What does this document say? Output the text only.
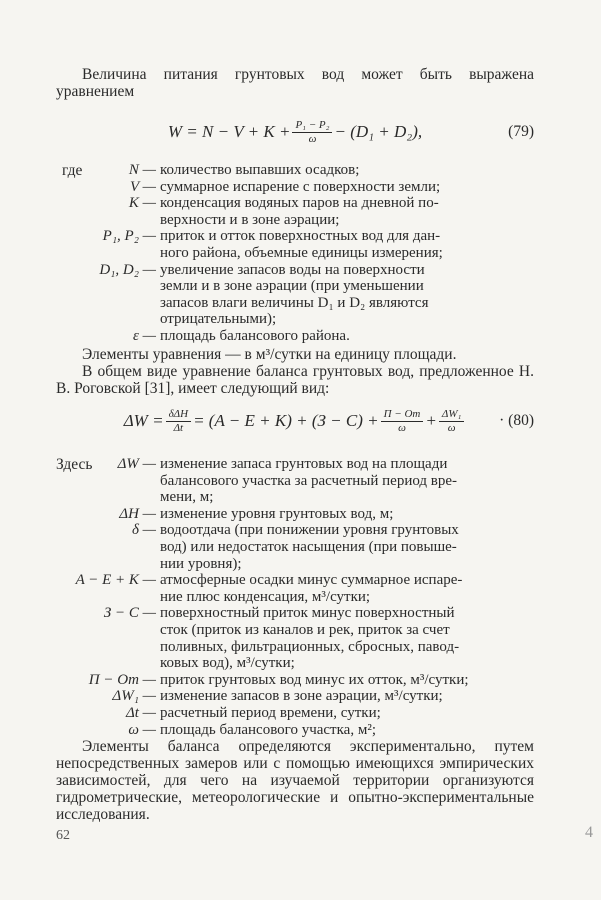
Величина питания грунтовых вод может быть выражена уравнением
$W = N - V + K + \frac{\text{P₁ − P₂}}{\omega} - (D_1 + D_2)$,	(79)
где	N — количество выпавших осадков;
V — суммарное испарение с поверхности земли;
K — конденсация водяных паров на дневной по-
верхности и в зоне аэрации;
P₁, P₂ — приток и отток поверхностных вод для дан-
ного района, объемные единицы измерения;
D₁, D₂ — увеличение запасов воды на поверхности
земли и в зоне аэрации (при уменьшении
запасов влаги величины D₁ и D₂ являются
отрицательными);
ε — площадь балансового района.
Элементы уравнения — в м³/сутки на единицу площади.
В общем виде уравнение баланса грунтовых вод, предложенное Н. В. Роговской [31], имеет следующий вид:
$\Delta W = \frac{\text{δΔH}}{\Delta t} = (A - E + K) + (З - C) + \frac{П - От}{\omega} + \frac{\text{ΔW₁}}{\omega} \cdot (80)$
Здесь	ΔW — изменение запаса грунтовых вод на площади
балансового участка за расчетный период вре-
мени, м;
ΔH — изменение уровня грунтовых вод, м;
δ — водоотдача (при понижении уровня грунтовых
вод) или недостаток насыщения (при повыше-
нии уровня);
A − E + K — атмосферные осадки минус суммарное испаре-
ние плюс конденсация, м³/сутки;
З − C — поверхностный приток минус поверхностный
сток (приток из каналов и рек, приток за счет
поливных, фильтрационных, сбросных, павод-
ковых вод), м³/сутки;
П − От — приток грунтовых вод минус их отток, м³/сутки;
ΔW₁ — изменение запасов в зоне аэрации, м³/сутки;
Δt — расчетный период времени, сутки;
ω — площадь балансового участка, м²;
Элементы баланса определяются экспериментально, путем непосредственных замеров или с помощью имеющихся эмпирических зависимостей, для чего на изучаемой территории организуются гидрометрические, метеорологические и опытно-экспериментальные исследования.
62	4
